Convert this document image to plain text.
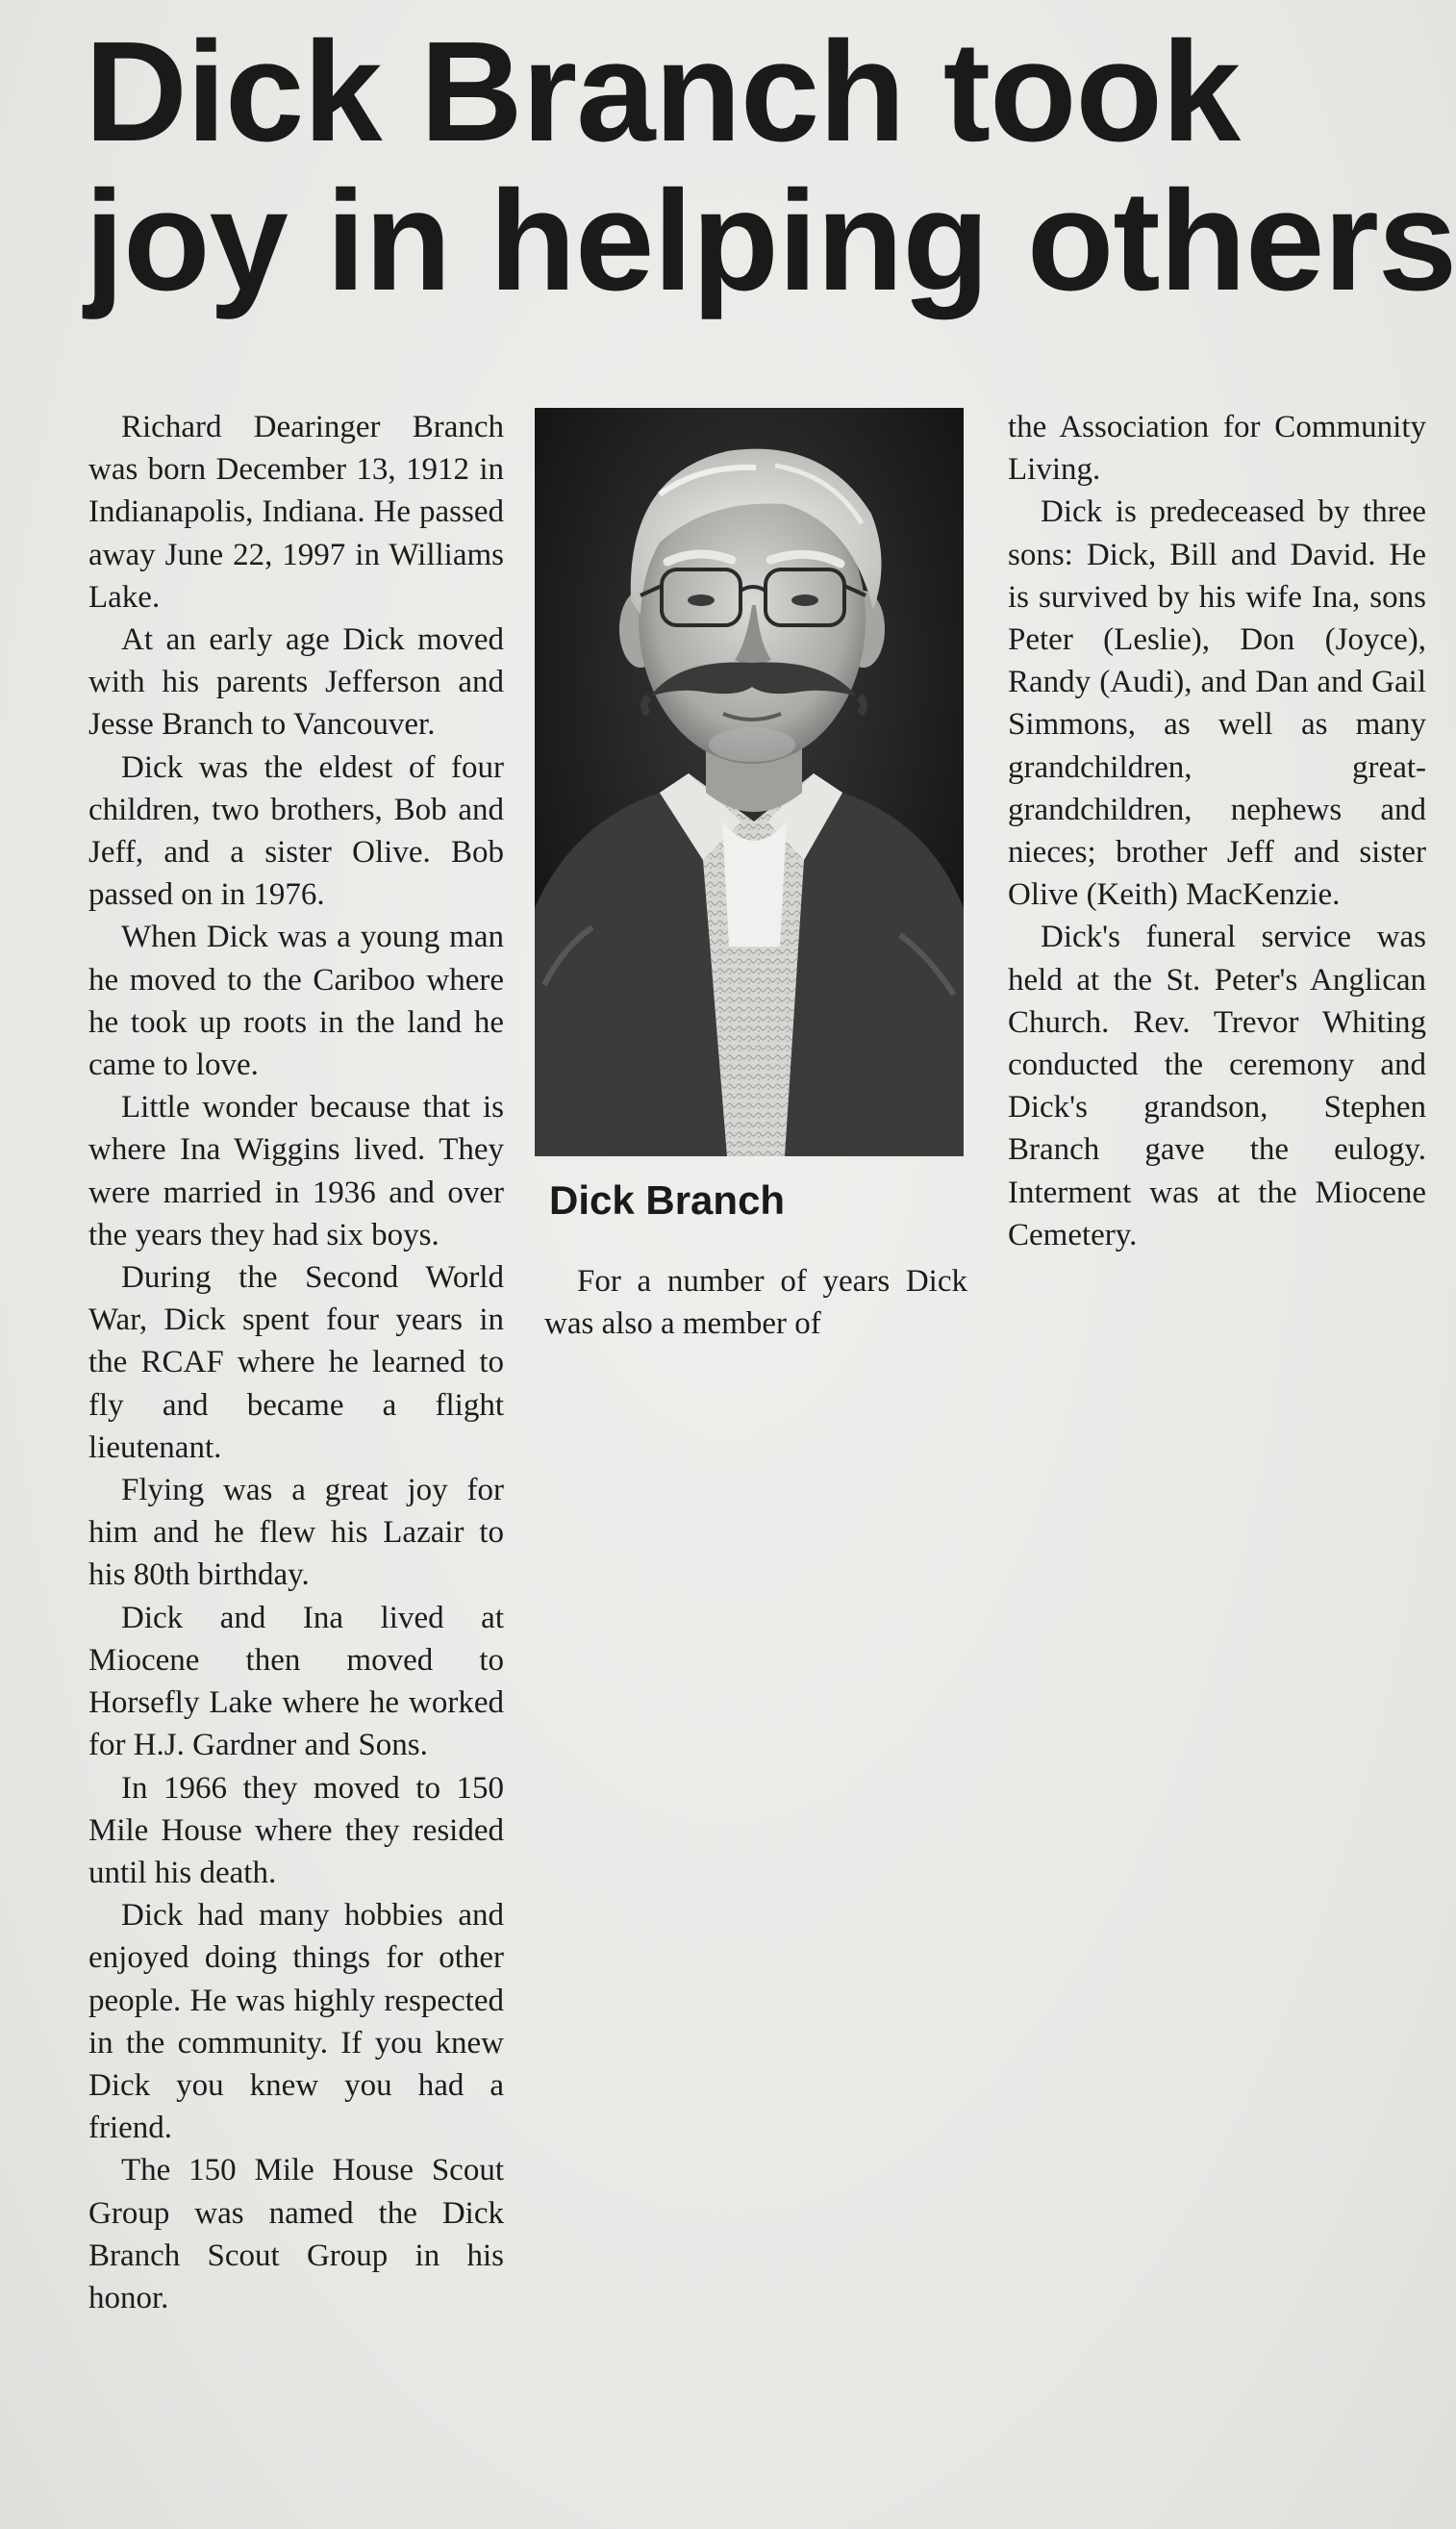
Dick Branch took
joy in helping others

Richard Dearinger Branch was born December 13, 1912 in Indianapolis, Indiana. He passed away June 22, 1997 in Williams Lake.

At an early age Dick moved with his parents Jefferson and Jesse Branch to Vancouver.

Dick was the eldest of four children, two brothers, Bob and Jeff, and a sister Olive. Bob passed on in 1976.

When Dick was a young man he moved to the Cariboo where he took up roots in the land he came to love.

Little wonder because that is where Ina Wiggins lived. They were married in 1936 and over the years they had six boys.

During the Second World War, Dick spent four years in the RCAF where he learned to fly and became a flight lieutenant.

Flying was a great joy for him and he flew his Lazair to his 80th birthday.

Dick and Ina lived at Miocene then moved to Horsefly Lake where he worked for H.J. Gardner and Sons.

In 1966 they moved to 150 Mile House where they resided until his death.

Dick had many hobbies and enjoyed doing things for other people. He was highly respected in the community. If you knew Dick you knew you had a friend.

The 150 Mile House Scout Group was named the Dick Branch Scout Group in his honor.

Dick Branch

For a number of years Dick was also a member of

the Association for Community Living.

Dick is predeceased by three sons: Dick, Bill and David. He is survived by his wife Ina, sons Peter (Leslie), Don (Joyce), Randy (Audi), and Dan and Gail Simmons, as well as many grandchildren, great-grandchildren, nephews and nieces; brother Jeff and sister Olive (Keith) MacKenzie.

Dick's funeral service was held at the St. Peter's Anglican Church. Rev. Trevor Whiting conducted the ceremony and Dick's grandson, Stephen Branch gave the eulogy. Interment was at the Miocene Cemetery.
